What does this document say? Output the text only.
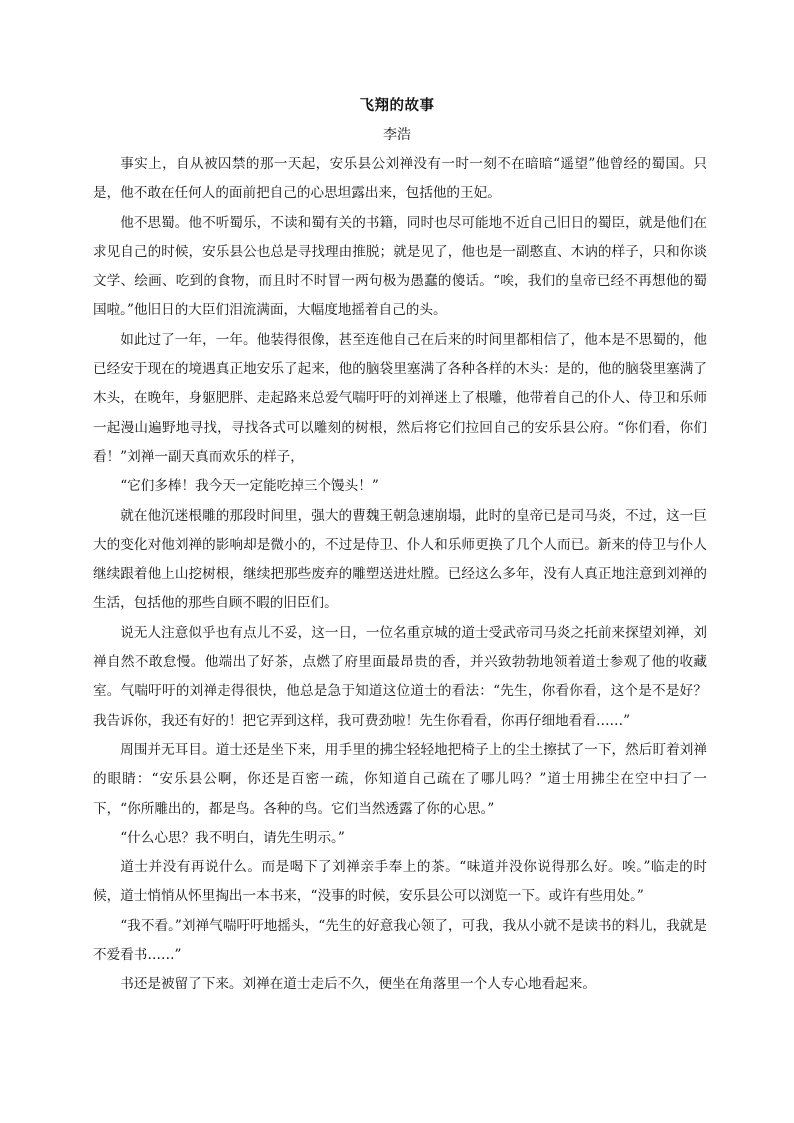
飞翔的故事
李浩

事实上，自从被囚禁的那一天起，安乐县公刘禅没有一时一刻不在暗暗“遥望”他曾经的蜀国。只是，他不敢在任何人的面前把自己的心思坦露出来，包括他的王妃。

他不思蜀。他不听蜀乐，不读和蜀有关的书籍，同时也尽可能地不近自己旧日的蜀臣，就是他们在求见自己的时候，安乐县公也总是寻找理由推脱；就是见了，他也是一副憨直、木讷的样子，只和你谈文学、绘画、吃到的食物，而且时不时冒一两句极为愚蠢的傻话。“唉，我们的皇帝已经不再想他的蜀国啦。”他旧日的大臣们泪流满面，大幅度地摇着自己的头。

如此过了一年，一年。他装得很像，甚至连他自己在后来的时间里都相信了，他本是不思蜀的，他已经安于现在的境遇真正地安乐了起来，他的脑袋里塞满了各种各样的木头：是的，他的脑袋里塞满了木头，在晚年，身躯肥胖、走起路来总爱气喘吁吁的刘禅迷上了根雕，他带着自己的仆人、侍卫和乐师一起漫山遍野地寻找，寻找各式可以雕刻的树根，然后将它们拉回自己的安乐县公府。“你们看，你们看！”刘禅一副天真而欢乐的样子，

“它们多棒！我今天一定能吃掉三个馒头！”

就在他沉迷根雕的那段时间里，强大的曹魏王朝急速崩塌，此时的皇帝已是司马炎，不过，这一巨大的变化对他刘禅的影响却是微小的，不过是侍卫、仆人和乐师更换了几个人而已。新来的侍卫与仆人继续跟着他上山挖树根，继续把那些废弃的雕塑送进灶膛。已经这么多年，没有人真正地注意到刘禅的生活，包括他的那些自顾不暇的旧臣们。

说无人注意似乎也有点儿不妥，这一日，一位名重京城的道士受武帝司马炎之托前来探望刘禅，刘禅自然不敢怠慢。他端出了好茶，点燃了府里面最昂贵的香，并兴致勃勃地领着道士参观了他的收藏室。气喘吁吁的刘禅走得很快，他总是急于知道这位道士的看法：“先生，你看你看，这个是不是好？我告诉你，我还有好的！把它弄到这样，我可费劲啦！先生你看看，你再仔细地看看……”

周围并无耳目。道士还是坐下来，用手里的拂尘轻轻地把椅子上的尘土擦拭了一下，然后盯着刘禅的眼睛：“安乐县公啊，你还是百密一疏，你知道自己疏在了哪儿吗？”道士用拂尘在空中扫了一下，“你所雕出的，都是鸟。各种的鸟。它们当然透露了你的心思。”

“什么心思？我不明白，请先生明示。”

道士并没有再说什么。而是喝下了刘禅亲手奉上的茶。“味道并没你说得那么好。唉。”临走的时候，道士悄悄从怀里掏出一本书来，“没事的时候，安乐县公可以浏览一下。或许有些用处。”

“我不看。”刘禅气喘吁吁地摇头，“先生的好意我心领了，可我，我从小就不是读书的料儿，我就是不爱看书……”

书还是被留了下来。刘禅在道士走后不久，便坐在角落里一个人专心地看起来。
